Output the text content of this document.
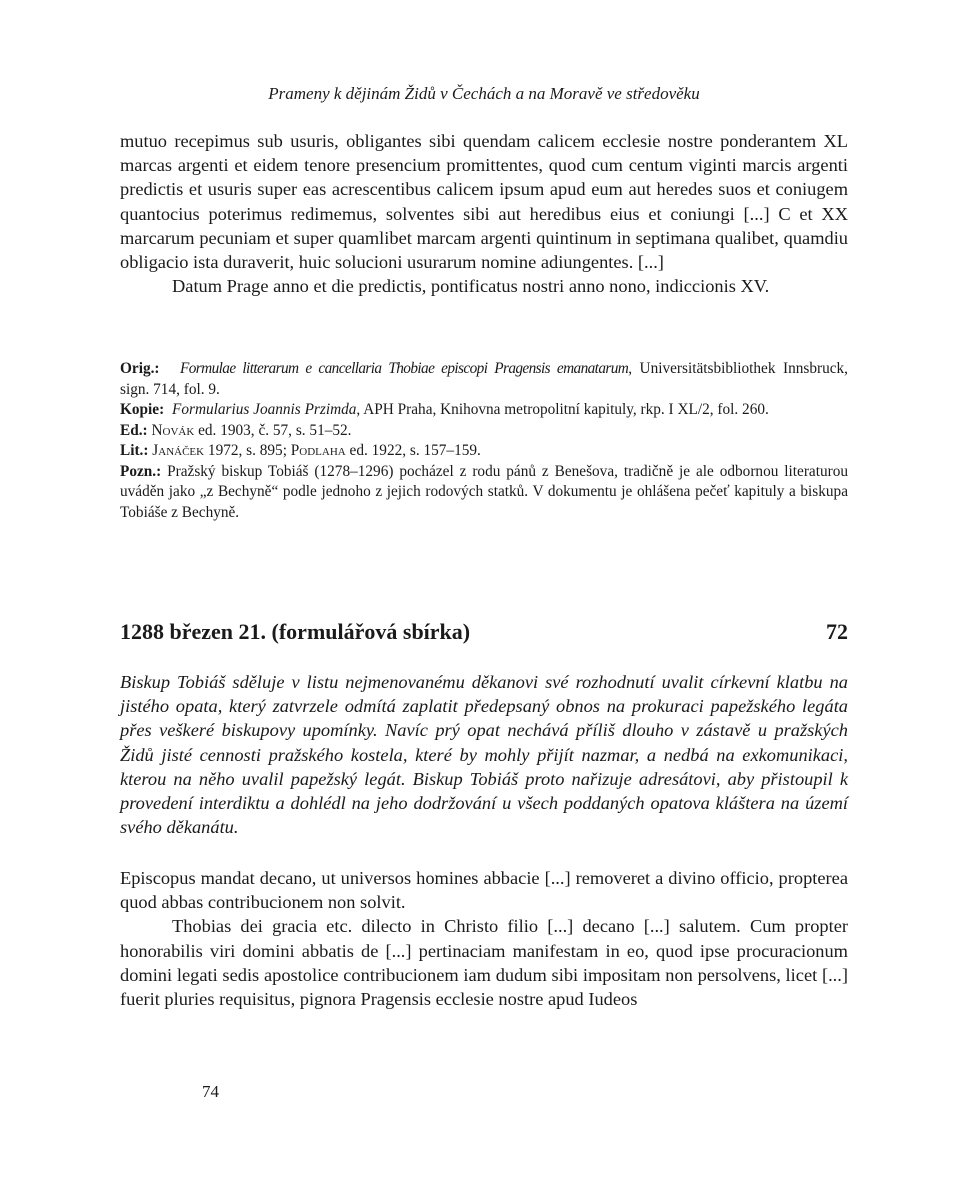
Prameny k dějinám Židů v Čechách a na Moravě ve středověku

mutuo recepimus sub usuris, obligantes sibi quendam calicem ecclesie nostre ponderantem XL marcas argenti et eidem tenore presencium promittentes, quod cum centum viginti marcis argenti predictis et usuris super eas acrescentibus calicem ipsum apud eum aut heredes suos et coniugem quantocius poterimus redimemus, solventes sibi aut heredibus eius et coniungi [...] C et XX marcarum pecuniam et super quamlibet marcam argenti quintinum in septimana qualibet, quamdiu obligacio ista duraverit, huic solucioni usurarum nomine adiungentes. [...]

Datum Prage anno et die predictis, pontificatus nostri anno nono, indiccionis XV.

Orig.: Formulae litterarum e cancellaria Thobiae episcopi Pragensis emanatarum, Universitätsbibliothek Innsbruck, sign. 714, fol. 9.

Kopie: Formularius Joannis Przimda, APH Praha, Knihovna metropolitní kapituly, rkp. I XL/2, fol. 260.

Ed.: Novák ed. 1903, č. 57, s. 51–52.

Lit.: Janáček 1972, s. 895; Podlaha ed. 1922, s. 157–159.

Pozn.: Pražský biskup Tobiáš (1278–1296) pocházel z rodu pánů z Benešova, tradičně je ale odbornou literaturou uváděn jako „z Bechyně“ podle jednoho z jejich rodových statků. V dokumentu je ohlášena pečeť kapituly a biskupa Tobiáše z Bechyně.

1288 březen 21. (formulářová sbírka)	72

Biskup Tobiáš sděluje v listu nejmenovanému děkanovi své rozhodnutí uvalit církevní klatbu na jistého opata, který zatvrzele odmítá zaplatit předepsaný obnos na prokuraci papežského legáta přes veškeré biskupovy upomínky. Navíc prý opat nechává příliš dlouho v zástavě u pražských Židů jisté cennosti pražského kostela, které by mohly přijít nazmar, a nedbá na exkomunikaci, kterou na něho uvalil papežský legát. Biskup Tobiáš proto nařizuje adresátovi, aby přistoupil k provedení interdiktu a dohlédl na jeho dodržování u všech poddaných opatova kláštera na území svého děkanátu.

Episcopus mandat decano, ut universos homines abbacie [...] removeret a divino officio, propterea quod abbas contribucionem non solvit.

Thobias dei gracia etc. dilecto in Christo filio [...] decano [...] salutem. Cum propter honorabilis viri domini abbatis de [...] pertinaciam manifestam in eo, quod ipse procuracionum domini legati sedis apostolice contribucionem iam dudum sibi impositam non persolvens, licet [...] fuerit pluries requisitus, pignora Pragensis ecclesie nostre apud Iudeos

74
